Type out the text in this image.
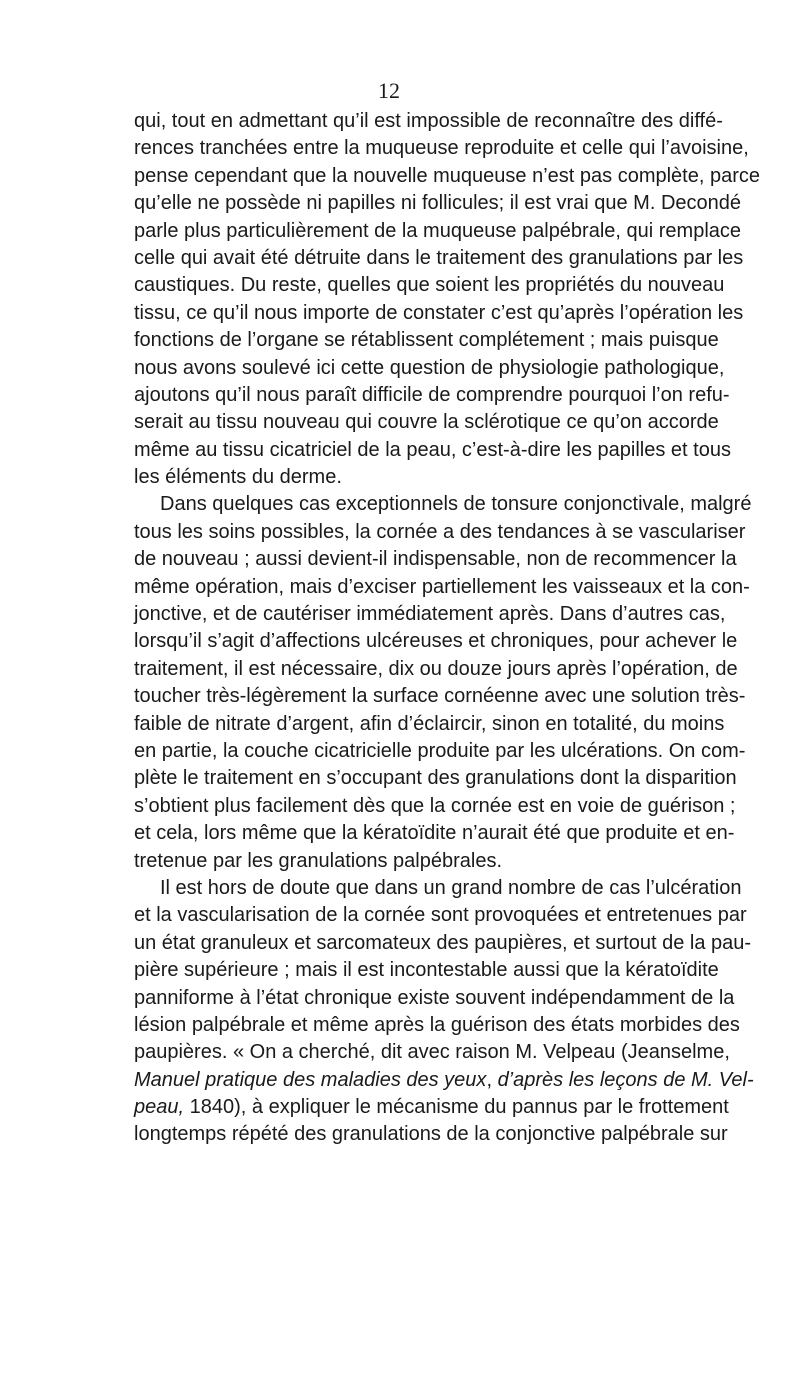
12
qui, tout en admettant qu’il est impossible de reconnaître des diffé-
rences tranchées entre la muqueuse reproduite et celle qui l’avoisine,
pense cependant que la nouvelle muqueuse n’est pas complète, parce
qu’elle ne possède ni papilles ni follicules; il est vrai que M. Decondé
parle plus particulièrement de la muqueuse palpébrale, qui remplace
celle qui avait été détruite dans le traitement des granulations par les
caustiques. Du reste, quelles que soient les propriétés du nouveau
tissu, ce qu’il nous importe de constater c’est qu’après l’opération les
fonctions de l’organe se rétablissent complétement ; mais puisque
nous avons soulevé ici cette question de physiologie pathologique,
ajoutons qu’il nous paraît difficile de comprendre pourquoi l’on refu-
serait au tissu nouveau qui couvre la sclérotique ce qu’on accorde
même au tissu cicatriciel de la peau, c’est-à-dire les papilles et tous
les éléments du derme.
Dans quelques cas exceptionnels de tonsure conjonctivale, malgré
tous les soins possibles, la cornée a des tendances à se vasculariser
de nouveau ; aussi devient-il indispensable, non de recommencer la
même opération, mais d’exciser partiellement les vaisseaux et la con-
jonctive, et de cautériser immédiatement après. Dans d’autres cas,
lorsqu’il s’agit d’affections ulcéreuses et chroniques, pour achever le
traitement, il est nécessaire, dix ou douze jours après l’opération, de
toucher très-légèrement la surface cornéenne avec une solution très-
faible de nitrate d’argent, afin d’éclaircir, sinon en totalité, du moins
en partie, la couche cicatricielle produite par les ulcérations. On com-
plète le traitement en s’occupant des granulations dont la disparition
s’obtient plus facilement dès que la cornée est en voie de guérison ;
et cela, lors même que la kératoïdite n’aurait été que produite et en-
tretenue par les granulations palpébrales.
Il est hors de doute que dans un grand nombre de cas l’ulcération
et la vascularisation de la cornée sont provoquées et entretenues par
un état granuleux et sarcomateux des paupières, et surtout de la pau-
pière supérieure ; mais il est incontestable aussi que la kératoïdite
panniforme à l’état chronique existe souvent indépendamment de la
lésion palpébrale et même après la guérison des états morbides des
paupières. « On a cherché, dit avec raison M. Velpeau (Jeanselme,
Manuel pratique des maladies des yeux, d’après les leçons de M. Vel-
peau, 1840), à expliquer le mécanisme du pannus par le frottement
longtemps répété des granulations de la conjonctive palpébrale sur
